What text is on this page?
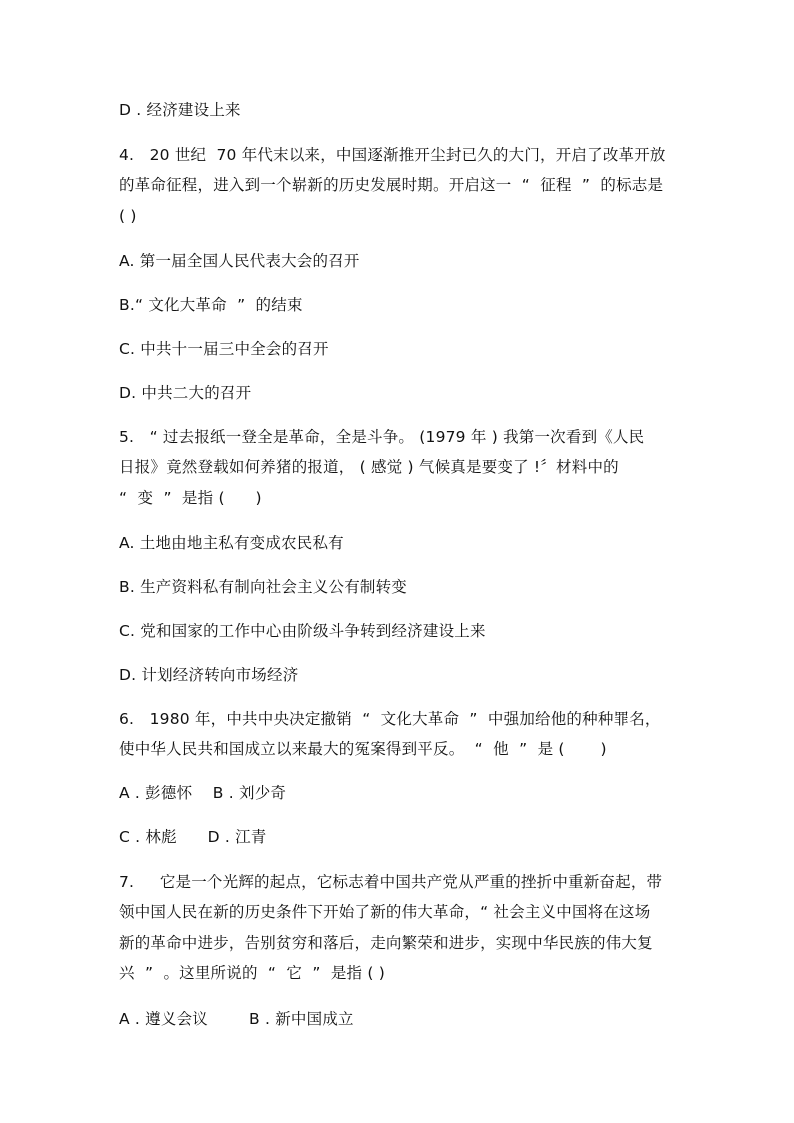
D . 经济建设上来
4.   20 世纪  70 年代末以来，中国逐渐推开尘封已久的大门，开启了改革开放
的革命征程，进入到一个崭新的历史发展时期。开启这一  “  征程  ”  的标志是
( )
A. 第一届全国人民代表大会的召开
B.“ 文化大革命  ”  的结束
C. 中共十一届三中全会的召开
D. 中共二大的召开
5.   “ 过去报纸一登全是革命，全是斗争。 (1979 年 ) 我第一次看到《人民
日报》竟然登载如何养猪的报道， ( 感觉 ) 气候真是要变了 !〞材料中的
“  变  ”  是指 (      )
A. 土地由地主私有变成农民私有
B. 生产资料私有制向社会主义公有制转变
C. 党和国家的工作中心由阶级斗争转到经济建设上来
D. 计划经济转向市场经济
6.   1980 年，中共中央决定撤销  “  文化大革命  ”  中强加给他的种种罪名，
使中华人民共和国成立以来最大的冤案得到平反。  “  他  ”  是 (       )
A . 彭德怀    B . 刘少奇
C . 林彪      D . 江青
7.     它是一个光辉的起点，它标志着中国共产党从严重的挫折中重新奋起，带
领中国人民在新的历史条件下开始了新的伟大革命，“ 社会主义中国将在这场
新的革命中进步，告别贫穷和落后，走向繁荣和进步，实现中华民族的伟大复
兴  ”  。这里所说的  “  它  ”  是指 ( )
A . 遵义会议        B . 新中国成立
